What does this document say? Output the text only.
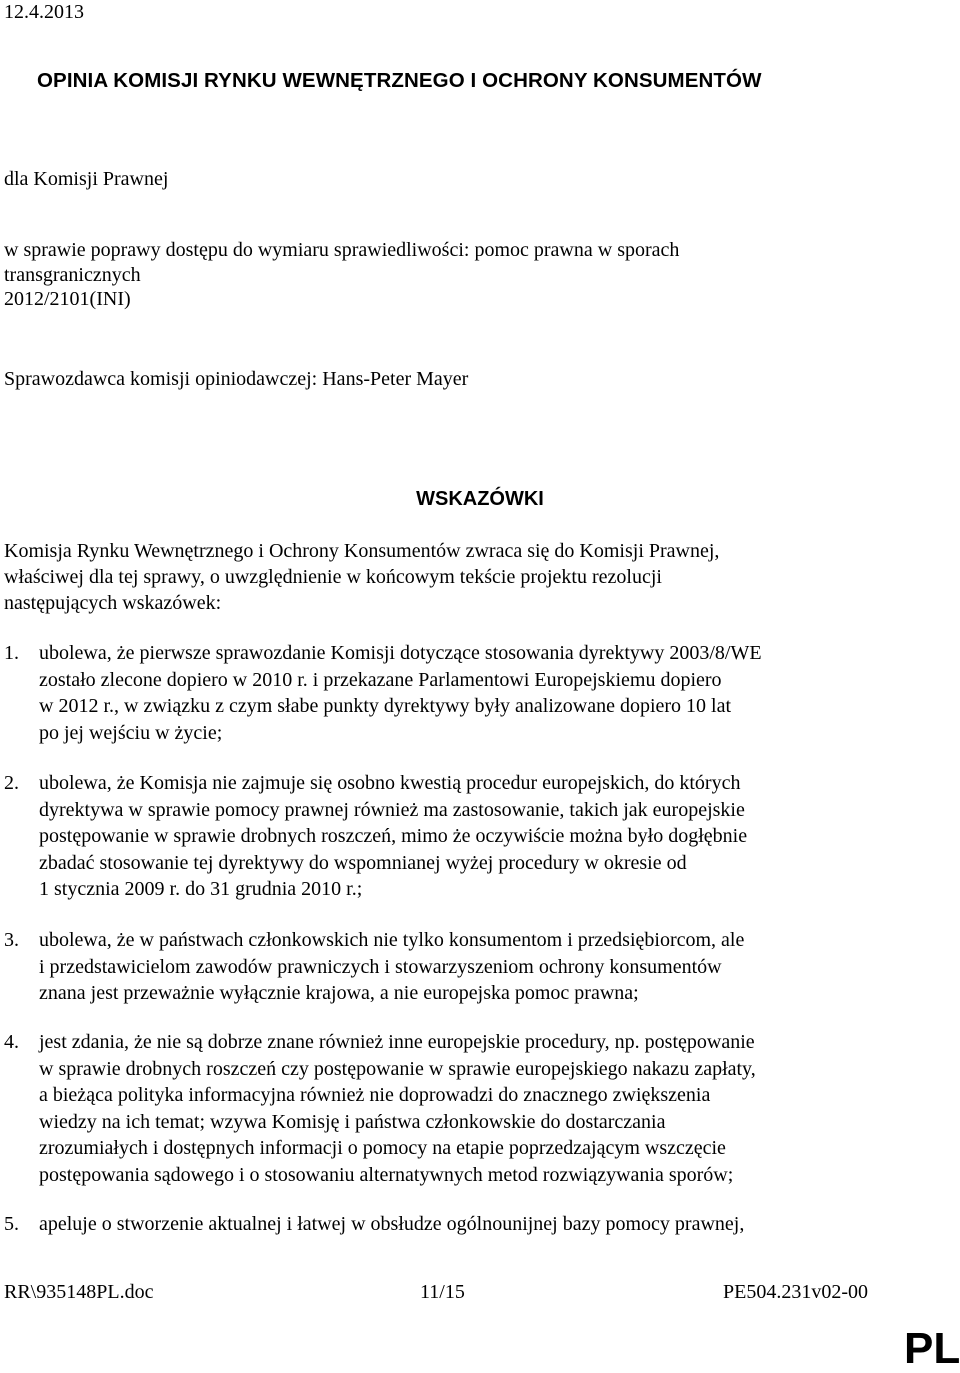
12.4.2013
OPINIA KOMISJI RYNKU WEWNĘTRZNEGO I OCHRONY KONSUMENTÓW
dla Komisji Prawnej
w sprawie poprawy dostępu do wymiaru sprawiedliwości: pomoc prawna w sporach
transgranicznych
2012/2101(INI)
Sprawozdawca komisji opiniodawczej: Hans-Peter Mayer
WSKAZÓWKI
Komisja Rynku Wewnętrznego i Ochrony Konsumentów zwraca się do Komisji Prawnej,
właściwej dla tej sprawy, o uwzględnienie w końcowym tekście projektu rezolucji
następujących wskazówek:
1.	ubolewa, że pierwsze sprawozdanie Komisji dotyczące stosowania dyrektywy 2003/8/WE
zostało zlecone dopiero w 2010 r. i przekazane Parlamentowi Europejskiemu dopiero
w 2012 r., w związku z czym słabe punkty dyrektywy były analizowane dopiero 10 lat
po jej wejściu w życie;
2.	ubolewa, że Komisja nie zajmuje się osobno kwestią procedur europejskich, do których
dyrektywa w sprawie pomocy prawnej również ma zastosowanie, takich jak europejskie
postępowanie w sprawie drobnych roszczeń, mimo że oczywiście można było dogłębnie
zbadać stosowanie tej dyrektywy do wspomnianej wyżej procedury w okresie od
1 stycznia 2009 r. do 31 grudnia 2010 r.;
3.	ubolewa, że w państwach członkowskich nie tylko konsumentom i przedsiębiorcom, ale
i przedstawicielom zawodów prawniczych i stowarzyszeniom ochrony konsumentów
znana jest przeważnie wyłącznie krajowa, a nie europejska pomoc prawna;
4.	jest zdania, że nie są dobrze znane również inne europejskie procedury, np. postępowanie
w sprawie drobnych roszczeń czy postępowanie w sprawie europejskiego nakazu zapłaty,
a bieżąca polityka informacyjna również nie doprowadzi do znacznego zwiększenia
wiedzy na ich temat; wzywa Komisję i państwa członkowskie do dostarczania
zrozumiałych i dostępnych informacji o pomocy na etapie poprzedzającym wszczęcie
postępowania sądowego i o stosowaniu alternatywnych metod rozwiązywania sporów;
5.	apeluje o stworzenie aktualnej i łatwej w obsłudze ogólnounijnej bazy pomocy prawnej,
RR\935148PL.doc	11/15	PE504.231v02-00
PL
